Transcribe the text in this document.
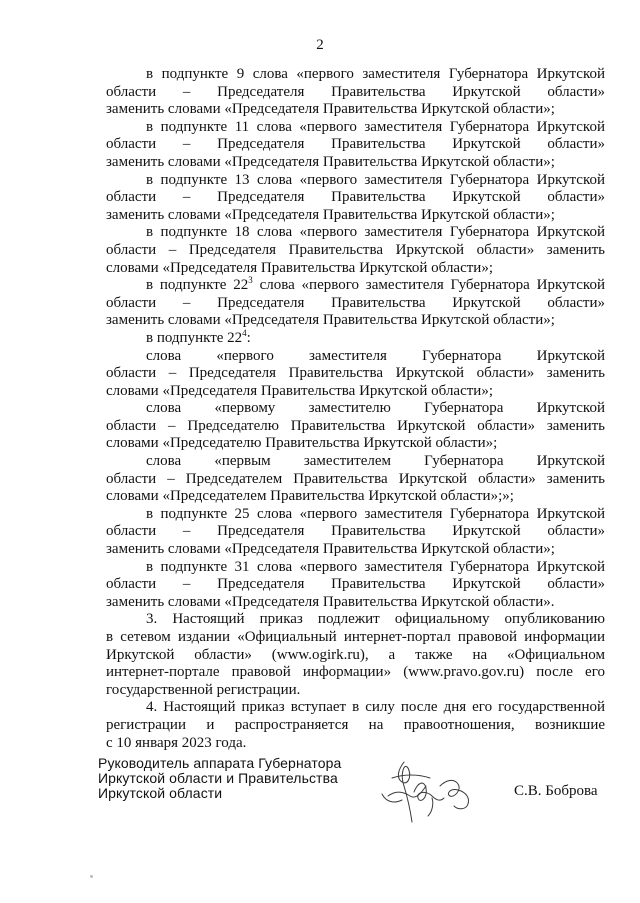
2
в подпункте 9 слова «первого заместителя Губернатора Иркутской
области – Председателя Правительства Иркутской области»
заменить словами «Председателя Правительства Иркутской области»;
в подпункте 11 слова «первого заместителя Губернатора Иркутской
области – Председателя Правительства Иркутской области»
заменить словами «Председателя Правительства Иркутской области»;
в подпункте 13 слова «первого заместителя Губернатора Иркутской
области – Председателя Правительства Иркутской области»
заменить словами «Председателя Правительства Иркутской области»;
в подпункте 18 слова «первого заместителя Губернатора Иркутской
области – Председателя Правительства Иркутской области» заменить
словами «Председателя Правительства Иркутской области»;
в подпункте $22^3$ слова «первого заместителя Губернатора Иркутской
области – Председателя Правительства Иркутской области»
заменить словами «Председателя Правительства Иркутской области»;
в подпункте $22^4$:
слова «первого заместителя Губернатора Иркутской
области – Председателя Правительства Иркутской области» заменить
словами «Председателя Правительства Иркутской области»;
слова «первому заместителю Губернатора Иркутской
области – Председателю Правительства Иркутской области» заменить
словами «Председателю Правительства Иркутской области»;
слова «первым заместителем Губернатора Иркутской
области – Председателем Правительства Иркутской области» заменить
словами «Председателем Правительства Иркутской области»;»;
в подпункте 25 слова «первого заместителя Губернатора Иркутской
области – Председателя Правительства Иркутской области»
заменить словами «Председателя Правительства Иркутской области»;
в подпункте 31 слова «первого заместителя Губернатора Иркутской
области – Председателя Правительства Иркутской области»
заменить словами «Председателя Правительства Иркутской области».
3. Настоящий приказ подлежит официальному опубликованию
в сетевом издании «Официальный интернет-портал правовой информации
Иркутской области» (www.ogirk.ru), а также на «Официальном
интернет-портале правовой информации» (www.pravo.gov.ru) после его
государственной регистрации.
4. Настоящий приказ вступает в силу после дня его государственной
регистрации и распространяется на правоотношения, возникшие
с 10 января 2023 года.
Руководитель аппарата Губернатора
Иркутской области и Правительства
Иркутской области	С.В. Боброва
